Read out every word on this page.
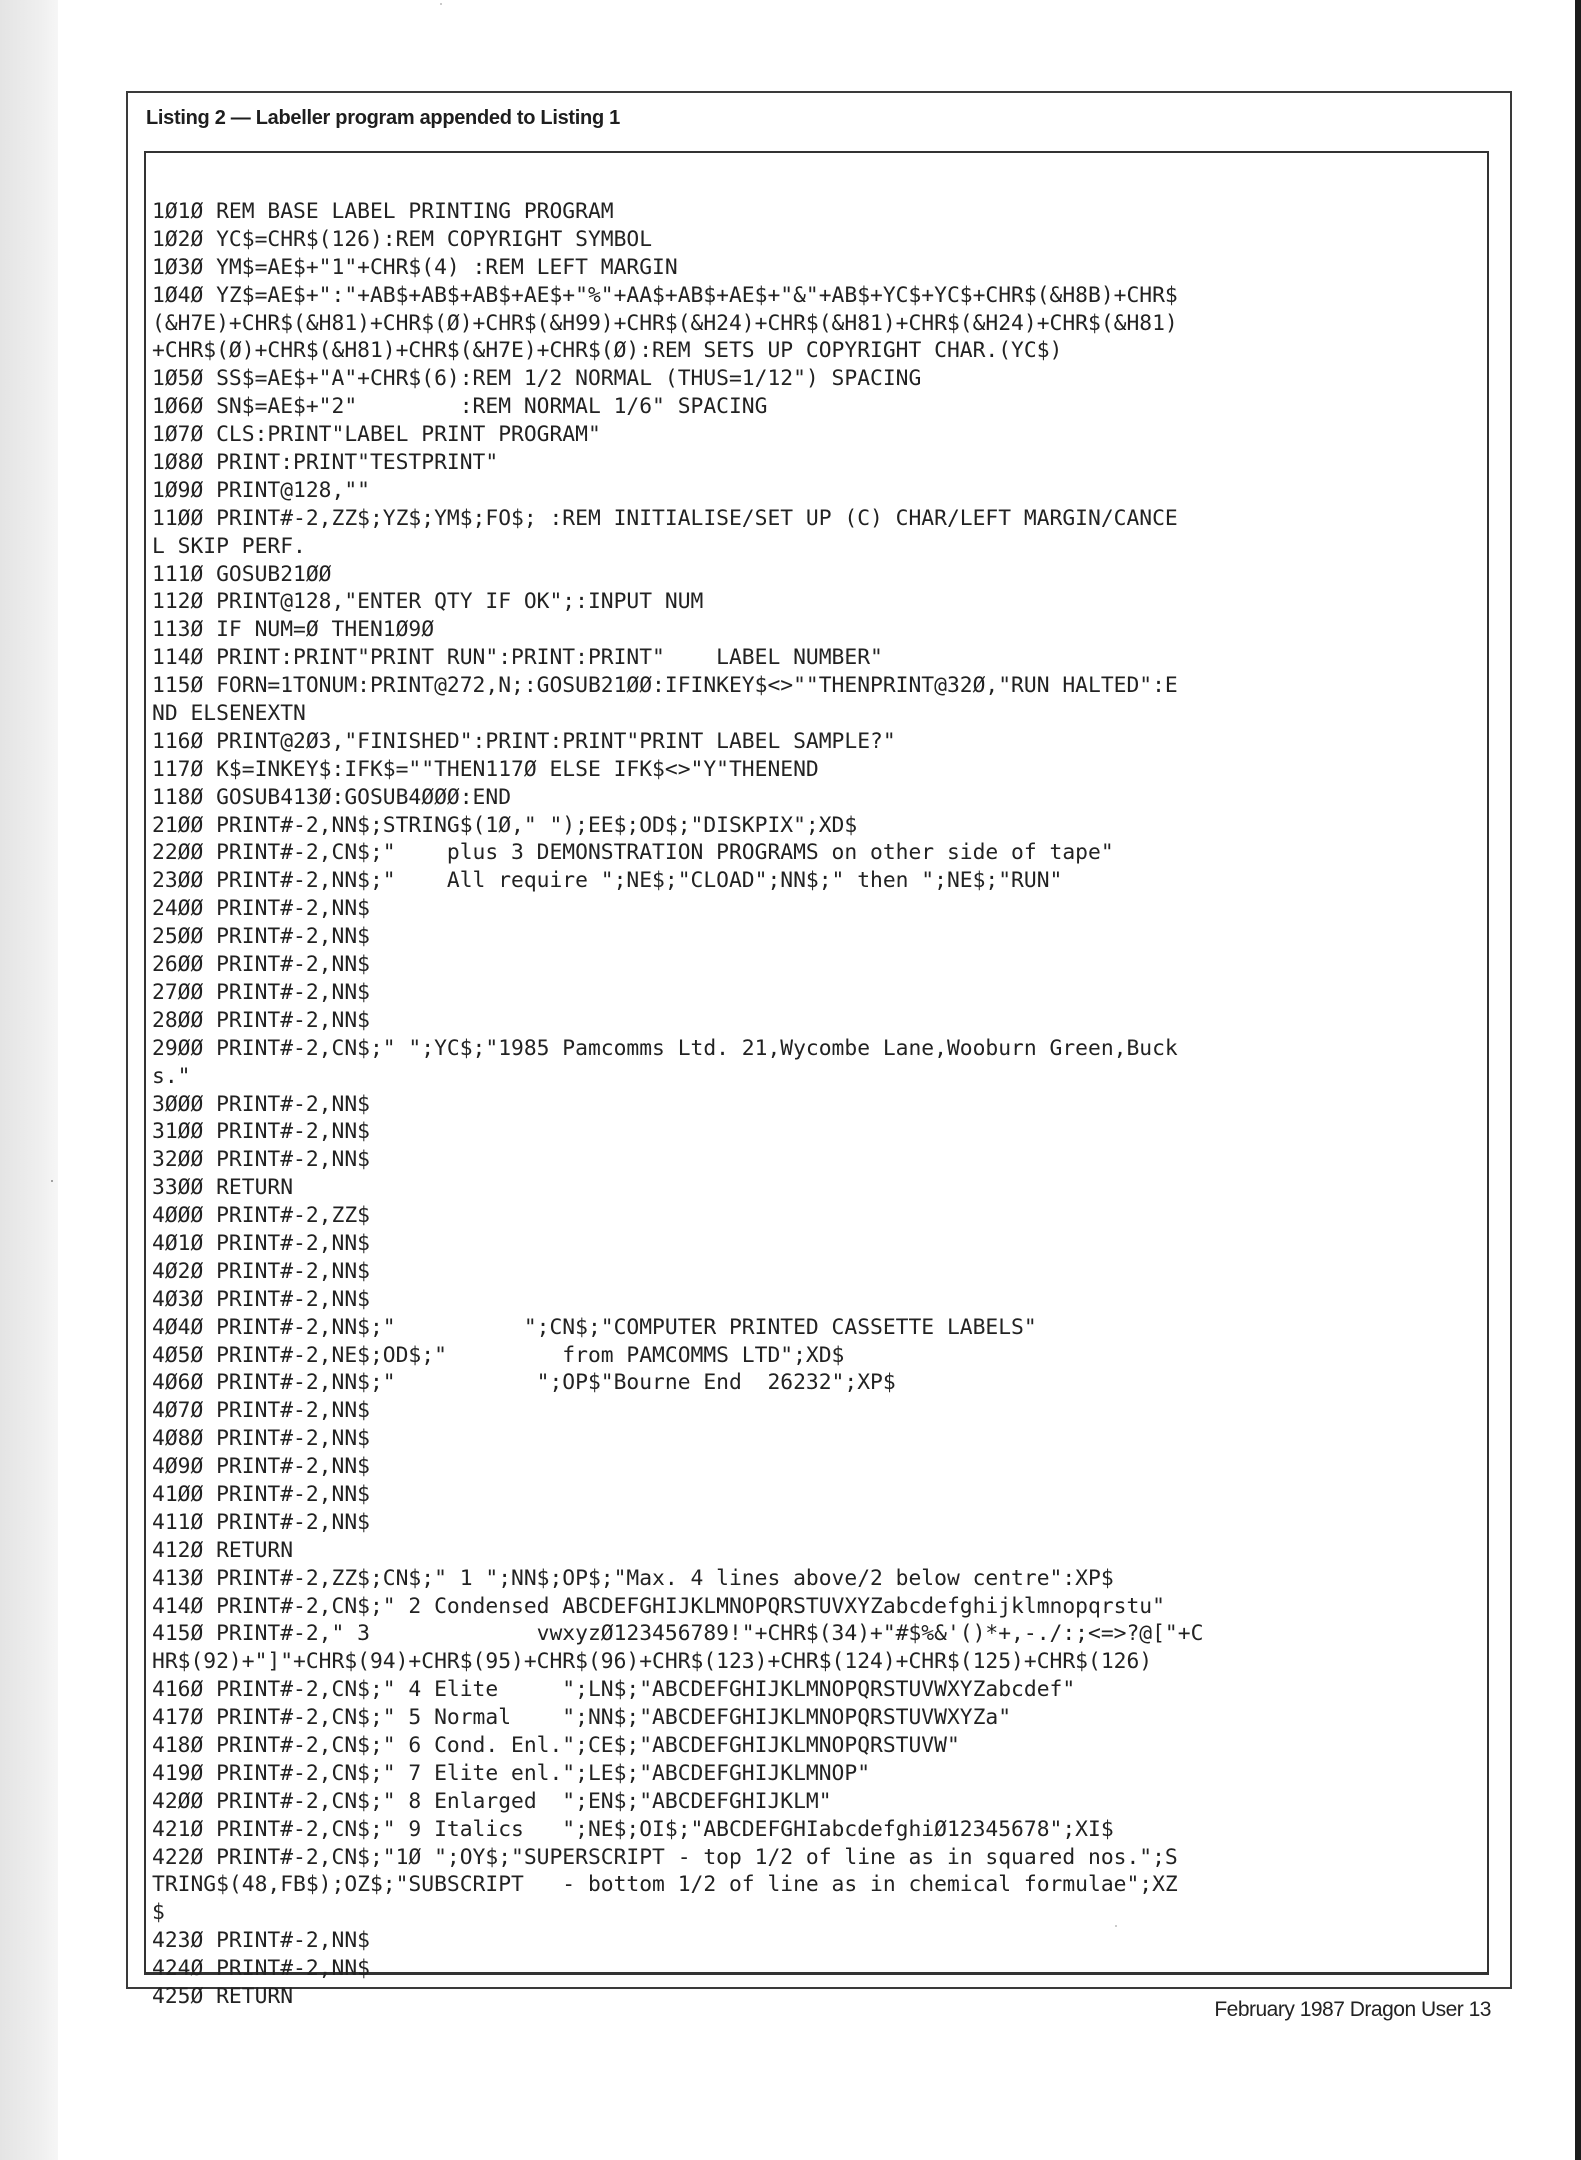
Listing 2 — Labeller program appended to Listing 1
1Ø1Ø REM BASE LABEL PRINTING PROGRAM
1Ø2Ø YC$=CHR$(126):REM COPYRIGHT SYMBOL
1Ø3Ø YM$=AE$+"1"+CHR$(4) :REM LEFT MARGIN
1Ø4Ø YZ$=AE$+":"+AB$+AB$+AB$+AE$+"%"+AA$+AB$+AE$+"&"+AB$+YC$+YC$+CHR$(&H8B)+CHR$
(&H7E)+CHR$(&H81)+CHR$(Ø)+CHR$(&H99)+CHR$(&H24)+CHR$(&H81)+CHR$(&H24)+CHR$(&H81)
+CHR$(Ø)+CHR$(&H81)+CHR$(&H7E)+CHR$(Ø):REM SETS UP COPYRIGHT CHAR.(YC$)
1Ø5Ø SS$=AE$+"A"+CHR$(6):REM 1/2 NORMAL (THUS=1/12") SPACING
1Ø6Ø SN$=AE$+"2"        :REM NORMAL 1/6" SPACING
1Ø7Ø CLS:PRINT"LABEL PRINT PROGRAM"
1Ø8Ø PRINT:PRINT"TESTPRINT"
1Ø9Ø PRINT@128,""
11ØØ PRINT#-2,ZZ$;YZ$;YM$;FO$; :REM INITIALISE/SET UP (C) CHAR/LEFT MARGIN/CANCE
L SKIP PERF.
111Ø GOSUB21ØØ
112Ø PRINT@128,"ENTER QTY IF OK";:INPUT NUM
113Ø IF NUM=Ø THEN1Ø9Ø
114Ø PRINT:PRINT"PRINT RUN":PRINT:PRINT"    LABEL NUMBER"
115Ø FORN=1TONUM:PRINT@272,N;:GOSUB21ØØ:IFINKEY$<>""THENPRINT@32Ø,"RUN HALTED":E
ND ELSENEXTN
116Ø PRINT@2Ø3,"FINISHED":PRINT:PRINT"PRINT LABEL SAMPLE?"
117Ø K$=INKEY$:IFK$=""THEN117Ø ELSE IFK$<>"Y"THENEND
118Ø GOSUB413Ø:GOSUB4ØØØ:END
21ØØ PRINT#-2,NN$;STRING$(1Ø," ");EE$;OD$;"DISKPIX";XD$
22ØØ PRINT#-2,CN$;"    plus 3 DEMONSTRATION PROGRAMS on other side of tape"
23ØØ PRINT#-2,NN$;"    All require ";NE$;"CLOAD";NN$;" then ";NE$;"RUN"
24ØØ PRINT#-2,NN$
25ØØ PRINT#-2,NN$
26ØØ PRINT#-2,NN$
27ØØ PRINT#-2,NN$
28ØØ PRINT#-2,NN$
29ØØ PRINT#-2,CN$;" ";YC$;"1985 Pamcomms Ltd. 21,Wycombe Lane,Wooburn Green,Buck
s."
3ØØØ PRINT#-2,NN$
31ØØ PRINT#-2,NN$
32ØØ PRINT#-2,NN$
33ØØ RETURN
4ØØØ PRINT#-2,ZZ$
4Ø1Ø PRINT#-2,NN$
4Ø2Ø PRINT#-2,NN$
4Ø3Ø PRINT#-2,NN$
4Ø4Ø PRINT#-2,NN$;"          ";CN$;"COMPUTER PRINTED CASSETTE LABELS"
4Ø5Ø PRINT#-2,NE$;OD$;"         from PAMCOMMS LTD";XD$
4Ø6Ø PRINT#-2,NN$;"           ";OP$"Bourne End  26232";XP$
4Ø7Ø PRINT#-2,NN$
4Ø8Ø PRINT#-2,NN$
4Ø9Ø PRINT#-2,NN$
41ØØ PRINT#-2,NN$
411Ø PRINT#-2,NN$
412Ø RETURN
413Ø PRINT#-2,ZZ$;CN$;" 1 ";NN$;OP$;"Max. 4 lines above/2 below centre":XP$
414Ø PRINT#-2,CN$;" 2 Condensed ABCDEFGHIJKLMNOPQRSTUVXYZabcdefghijklmnopqrstu"
415Ø PRINT#-2," 3             vwxyzØ123456789!"+CHR$(34)+"#$%&'()*+,-./:;<=>?@["+C
HR$(92)+"]"+CHR$(94)+CHR$(95)+CHR$(96)+CHR$(123)+CHR$(124)+CHR$(125)+CHR$(126)
416Ø PRINT#-2,CN$;" 4 Elite     ";LN$;"ABCDEFGHIJKLMNOPQRSTUVWXYZabcdef"
417Ø PRINT#-2,CN$;" 5 Normal    ";NN$;"ABCDEFGHIJKLMNOPQRSTUVWXYZa"
418Ø PRINT#-2,CN$;" 6 Cond. Enl.";CE$;"ABCDEFGHIJKLMNOPQRSTUVW"
419Ø PRINT#-2,CN$;" 7 Elite enl.";LE$;"ABCDEFGHIJKLMNOP"
42ØØ PRINT#-2,CN$;" 8 Enlarged  ";EN$;"ABCDEFGHIJKLM"
421Ø PRINT#-2,CN$;" 9 Italics   ";NE$;OI$;"ABCDEFGHIabcdefghiØ12345678";XI$
422Ø PRINT#-2,CN$;"1Ø ";OY$;"SUPERSCRIPT - top 1/2 of line as in squared nos.";S
TRING$(48,FB$);OZ$;"SUBSCRIPT   - bottom 1/2 of line as in chemical formulae";XZ
$
423Ø PRINT#-2,NN$
424Ø PRINT#-2,NN$
425Ø RETURN
February 1987 Dragon User 13
